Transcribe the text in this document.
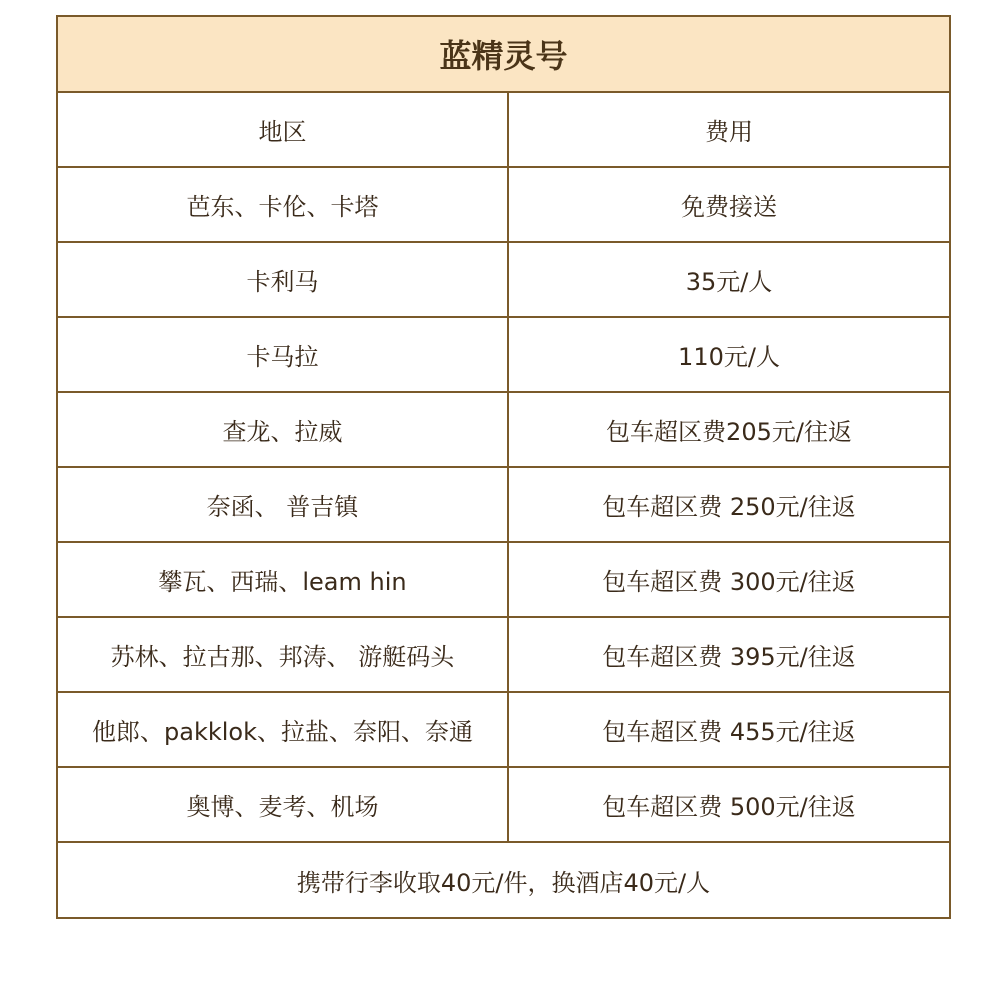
蓝精灵号	
地区	费用
芭东、卡伦、卡塔	免费接送
卡利马	35元/人
卡马拉	110元/人
查龙、拉威	包车超区费205元/往返
奈函、 普吉镇	包车超区费 250元/往返
攀瓦、西瑞、leam hin	包车超区费 300元/往返
苏林、拉古那、邦涛、 游艇码头	包车超区费 395元/往返
他郎、pakklok、拉盐、奈阳、奈通	包车超区费 455元/往返
奥博、麦考、机场	包车超区费 500元/往返
携带行李收取40元/件，换酒店40元/人	
